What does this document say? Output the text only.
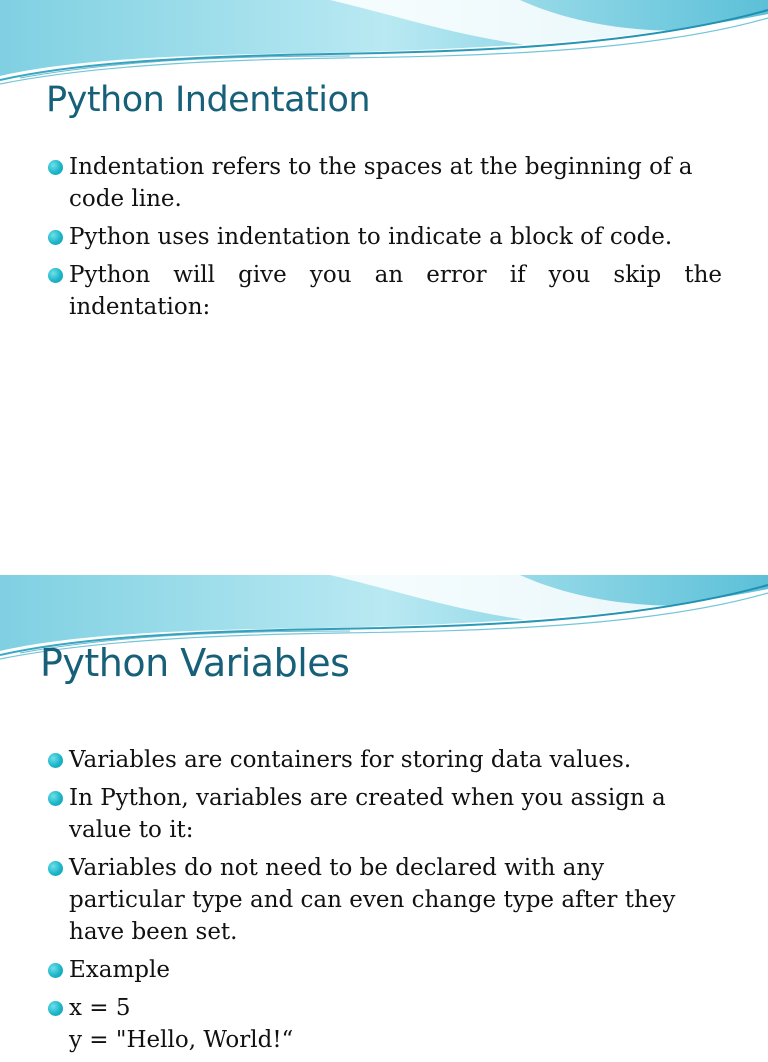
Python Indentation
Indentation refers to the spaces at the beginning of a code line.
Python uses indentation to indicate a block of code.
Python will give you an error if you skip the indentation:
Python Variables
Variables are containers for storing data values.
In Python, variables are created when you assign a value to it:
Variables do not need to be declared with any particular type and can even change type after they have been set.
Example
x = 5
y = "Hello, World!“
